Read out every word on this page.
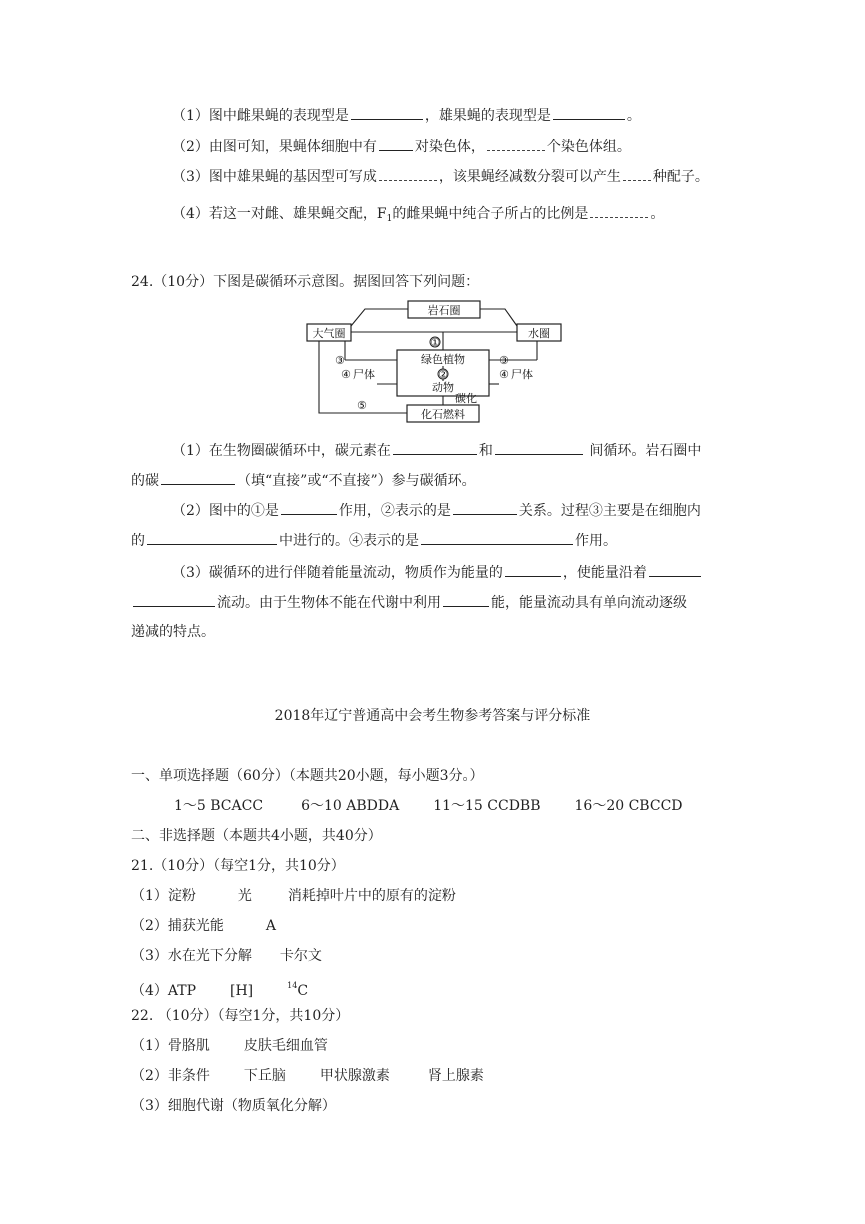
（1）图中雌果蝇的表现型是	，雄果蝇的表现型是	。
（2）由图可知，果蝇体细胞中有	对染色体，	个染色体组。
（3）图中雄果蝇的基因型可写成	，该果蝇经减数分裂可以产生 种配子。
（4）若这一对雌、雄果蝇交配，$F_1$的雌果蝇中纯合子所占的比例是	。
24.（10分）下图是碳循环示意图。据图回答下列问题：
岩石圈
大气圈	水圈
绿色植物
动物
化石燃料
碳化
①
②
③
④ 尸体
⑤
③
④ 尸体
（1）在生物圈碳循环中，碳元素在	和	间循环。岩石圈中
的碳	（填“直接”或“不直接”）参与碳循环。
（2）图中的①是	作用，②表示的是	关系。过程③主要是在细胞内
的	中进行的。④表示的是	作用。
（3）碳循环的进行伴随着能量流动，物质作为能量的	，使能量沿着
流动。由于生物体不能在代谢中利用	能，能量流动具有单向流动逐级
递减的特点。
2018年辽宁普通高中会考生物参考答案与评分标准
一、单项选择题（60分）（本题共20小题，每小题3分。）
1～5 BCACC	6～10 ABDDA 11～15 CCDBB 16～20 CBCCD
二、非选择题（本题共4小题，共40分）
21.（10分）（每空1分，共10分）
（1）淀粉	光	消耗掉叶片中的原有的淀粉
（2）捕获光能	A
（3）水在光下分解 卡尔文
（4）ATP [H]	$^{14}$C
22. （10分）（每空1分，共10分）
（1）骨胳肌 皮肤毛细血管
（2）非条件 下丘脑 甲状腺激素	肾上腺素
（3）细胞代谢（物质氧化分解）
